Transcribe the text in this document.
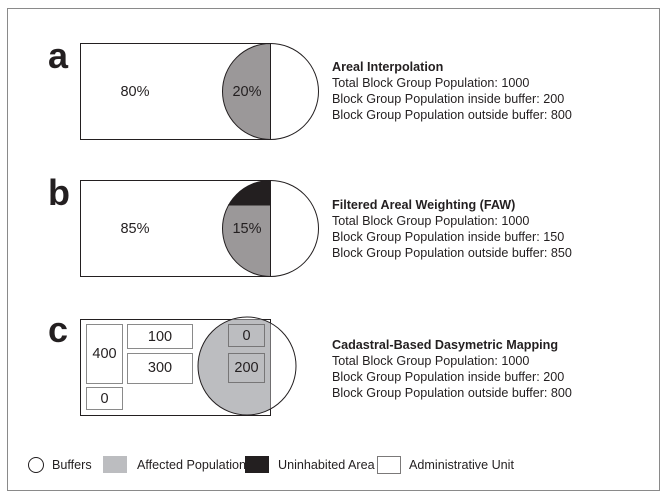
a
b
c
80%	20%
85%	15%
400
100
300
0
0
200
Areal Interpolation
Total Block Group Population: 1000
Block Group Population inside buffer: 200
Block Group Population outside buffer: 800
Filtered Areal Weighting (FAW)
Total Block Group Population: 1000
Block Group Population inside buffer: 150
Block Group Population outside buffer: 850
Cadastral-Based Dasymetric Mapping
Total Block Group Population: 1000
Block Group Population inside buffer: 200
Block Group Population outside buffer: 800
Buffers	Affected Population	Uninhabited Area	Administrative Unit
